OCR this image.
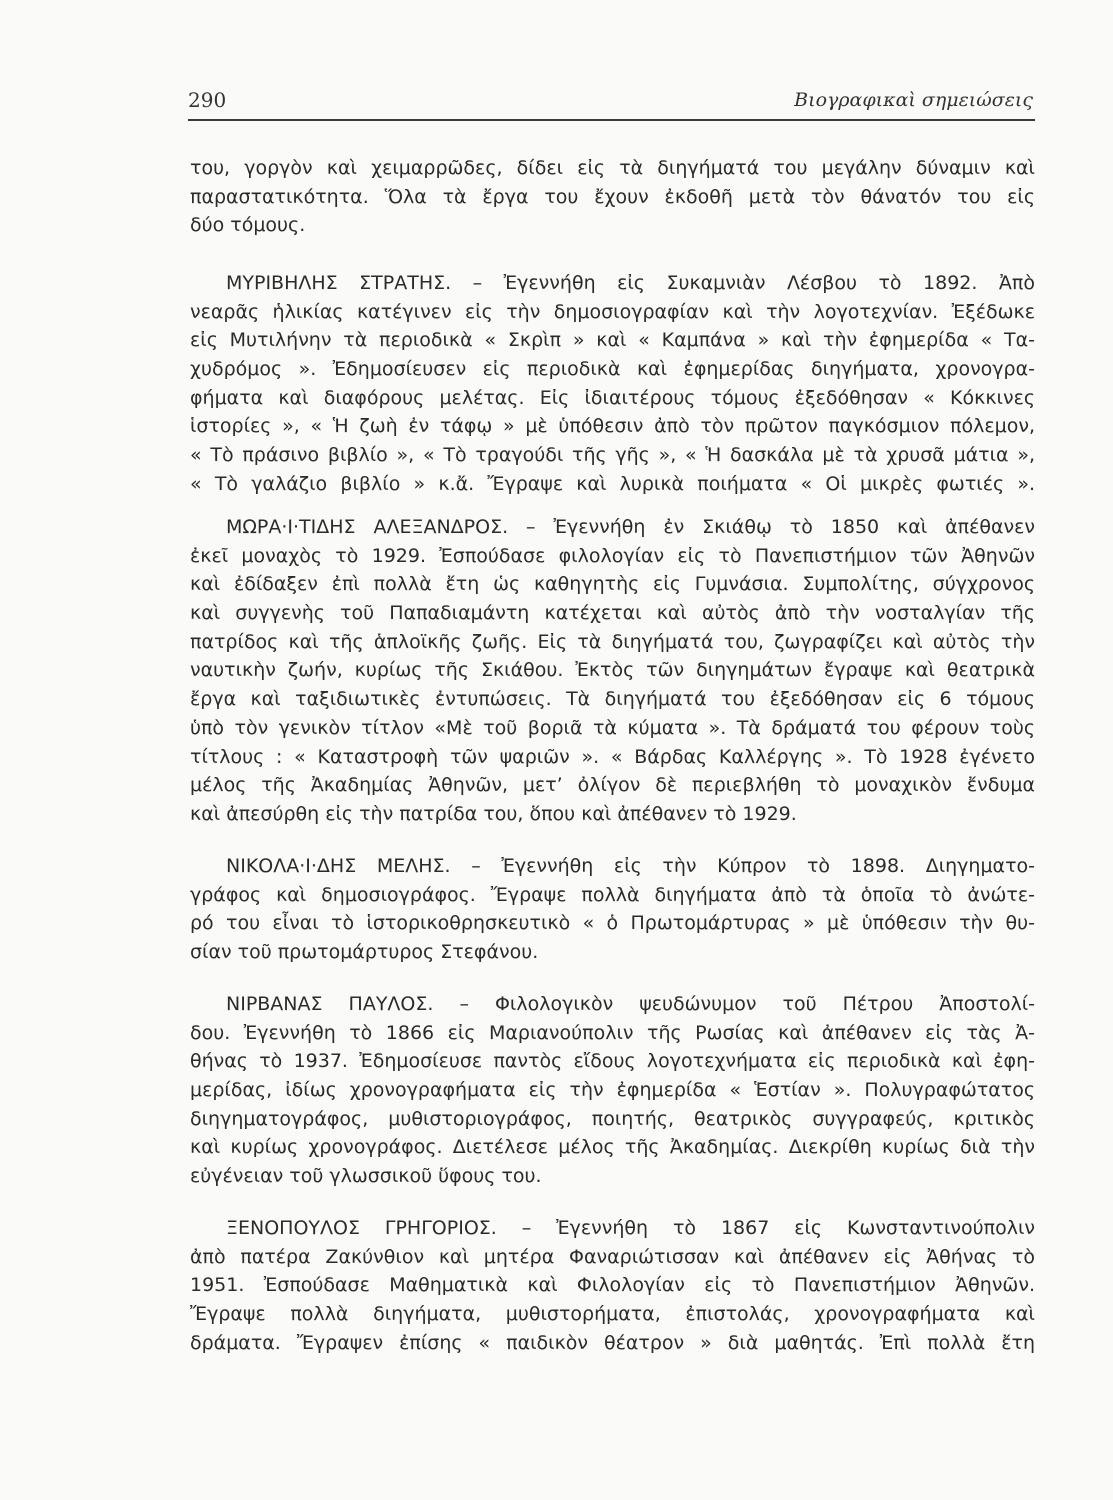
290	Βιογραφικαὶ σημειώσεις
του, γοργὸν καὶ χειμαρρῶδες, δίδει εἰς τὰ διηγήματά του μεγάλην δύναμιν καὶ
παραστατικότητα. Ὅλα τὰ ἔργα του ἔχουν ἐκδοθῆ μετὰ τὸν θάνατόν του εἰς
δύο τόμους.
ΜΥΡΙΒΗΛΗΣ ΣΤΡΑΤΗΣ. – Ἐγεννήθη εἰς Συκαμνιὰν Λέσβου τὸ 1892. Ἀπὸ
νεαρᾶς ἡλικίας κατέγινεν εἰς τὴν δημοσιογραφίαν καὶ τὴν λογοτεχνίαν. Ἐξέδωκε
εἰς Μυτιλήνην τὰ περιοδικὰ « Σκρὶπ » καὶ « Καμπάνα » καὶ τὴν ἐφημερίδα « Τα-
χυδρόμος ». Ἐδημοσίευσεν εἰς περιοδικὰ καὶ ἐφημερίδας διηγήματα, χρονογρα-
φήματα καὶ διαφόρους μελέτας. Εἰς ἰδιαιτέρους τόμους ἐξεδόθησαν « Κόκκινες
ἱστορίες », « Ἡ ζωὴ ἐν τάφῳ » μὲ ὑπόθεσιν ἀπὸ τὸν πρῶτον παγκόσμιον πόλεμον,
« Τὸ πράσινο βιβλίο », « Τὸ τραγούδι τῆς γῆς », « Ἡ δασκάλα μὲ τὰ χρυσᾶ μάτια »,
« Τὸ γαλάζιο βιβλίο » κ.ἄ. Ἔγραψε καὶ λυρικὰ ποιήματα « Οἱ μικρὲς φωτιές ».
ΜΩΡΑ·Ι·ΤΙΔΗΣ ΑΛΕΞΑΝΔΡΟΣ. – Ἐγεννήθη ἐν Σκιάθῳ τὸ 1850 καὶ ἀπέθανεν
ἐκεῖ μοναχὸς τὸ 1929. Ἐσπούδασε φιλολογίαν εἰς τὸ Πανεπιστήμιον τῶν Ἀθηνῶν
καὶ ἐδίδαξεν ἐπὶ πολλὰ ἔτη ὡς καθηγητὴς εἰς Γυμνάσια. Συμπολίτης, σύγχρονος
καὶ συγγενὴς τοῦ Παπαδιαμάντη κατέχεται καὶ αὐτὸς ἀπὸ τὴν νοσταλγίαν τῆς
πατρίδος καὶ τῆς ἁπλοϊκῆς ζωῆς. Εἰς τὰ διηγήματά του, ζωγραφίζει καὶ αὐτὸς τὴν
ναυτικὴν ζωήν, κυρίως τῆς Σκιάθου. Ἐκτὸς τῶν διηγημάτων ἔγραψε καὶ θεατρικὰ
ἔργα καὶ ταξιδιωτικὲς ἐντυπώσεις. Τὰ διηγήματά του ἐξεδόθησαν εἰς 6 τόμους
ὑπὸ τὸν γενικὸν τίτλον «Μὲ τοῦ βοριᾶ τὰ κύματα ». Τὰ δράματά του φέρουν τοὺς
τίτλους : « Καταστροφὴ τῶν ψαριῶν ». « Βάρδας Καλλέργης ». Τὸ 1928 ἐγένετο
μέλος τῆς Ἀκαδημίας Ἀθηνῶν, μετ’ ὀλίγον δὲ περιεβλήθη τὸ μοναχικὸν ἔνδυμα
καὶ ἀπεσύρθη εἰς τὴν πατρίδα του, ὅπου καὶ ἀπέθανεν τὸ 1929.
ΝΙΚΟΛΑ·Ι·ΔΗΣ ΜΕΛΗΣ. – Ἐγεννήθη εἰς τὴν Κύπρον τὸ 1898. Διηγηματο-
γράφος καὶ δημοσιογράφος. Ἔγραψε πολλὰ διηγήματα ἀπὸ τὰ ὁποῖα τὸ ἀνώτε-
ρό του εἶναι τὸ ἱστορικοθρησκευτικὸ « ὁ Πρωτομάρτυρας » μὲ ὑπόθεσιν τὴν θυ-
σίαν τοῦ πρωτομάρτυρος Στεφάνου.
ΝΙΡΒΑΝΑΣ ΠΑΥΛΟΣ. – Φιλολογικὸν ψευδώνυμον τοῦ Πέτρου Ἀποστολί-
δου. Ἐγεννήθη τὸ 1866 εἰς Μαριανούπολιν τῆς Ρωσίας καὶ ἀπέθανεν εἰς τὰς Ἀ-
θήνας τὸ 1937. Ἐδημοσίευσε παντὸς εἴδους λογοτεχνήματα εἰς περιοδικὰ καὶ ἐφη-
μερίδας, ἰδίως χρονογραφήματα εἰς τὴν ἐφημερίδα « Ἑστίαν ». Πολυγραφώτατος
διηγηματογράφος, μυθιστοριογράφος, ποιητής, θεατρικὸς συγγραφεύς, κριτικὸς
καὶ κυρίως χρονογράφος. Διετέλεσε μέλος τῆς Ἀκαδημίας. Διεκρίθη κυρίως διὰ τὴν
εὐγένειαν τοῦ γλωσσικοῦ ὕφους του.
ΞΕΝΟΠΟΥΛΟΣ ΓΡΗΓΟΡΙΟΣ. – Ἐγεννήθη τὸ 1867 εἰς Κωνσταντινούπολιν
ἀπὸ πατέρα Ζακύνθιον καὶ μητέρα Φαναριώτισσαν καὶ ἀπέθανεν εἰς Ἀθήνας τὸ
1951. Ἐσπούδασε Μαθηματικὰ καὶ Φιλολογίαν εἰς τὸ Πανεπιστήμιον Ἀθηνῶν.
Ἔγραψε πολλὰ διηγήματα, μυθιστορήματα, ἐπιστολάς, χρονογραφήματα καὶ
δράματα. Ἔγραψεν ἐπίσης « παιδικὸν θέατρον » διὰ μαθητάς. Ἐπὶ πολλὰ ἔτη
